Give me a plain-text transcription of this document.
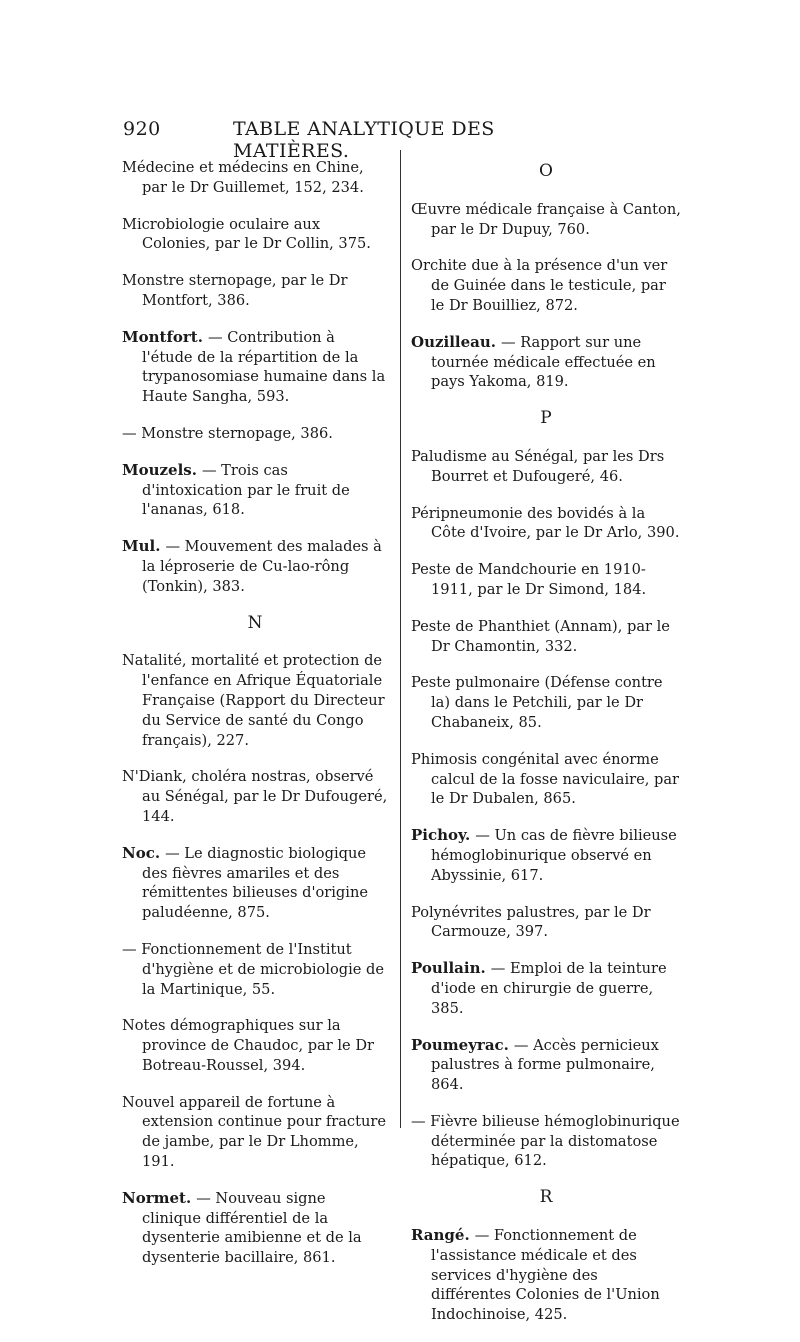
920	TABLE ANALYTIQUE DES MATIÈRES.

Médecine et médecins en Chine, par le Dr Guillemet, 152, 234.

Microbiologie oculaire aux Colonies, par le Dr Collin, 375.

Monstre sternopage, par le Dr Montfort, 386.

Montfort. — Contribution à l'étude de la répartition de la trypanosomiase humaine dans la Haute Sangha, 593.

— Monstre sternopage, 386.

Mouzels. — Trois cas d'intoxication par le fruit de l'ananas, 618.

Mul. — Mouvement des malades à la léproserie de Cu-lao-rông (Tonkin), 383.

N

Natalité, mortalité et protection de l'enfance en Afrique Équatoriale Française (Rapport du Directeur du Service de santé du Congo français), 227.

N'Diank, choléra nostras, observé au Sénégal, par le Dr Dufougeré, 144.

Noc. — Le diagnostic biologique des fièvres amariles et des rémittentes bilieuses d'origine paludéenne, 875.

— Fonctionnement de l'Institut d'hygiène et de microbiologie de la Martinique, 55.

Notes démographiques sur la province de Chaudoc, par le Dr Botreau-Roussel, 394.

Nouvel appareil de fortune à extension continue pour fracture de jambe, par le Dr Lhomme, 191.

Normet. — Nouveau signe clinique différentiel de la dysenterie amibienne et de la dysenterie bacillaire, 861.

O

Œuvre médicale française à Canton, par le Dr Dupuy, 760.

Orchite due à la présence d'un ver de Guinée dans le testicule, par le Dr Bouilliez, 872.

Ouzilleau. — Rapport sur une tournée médicale effectuée en pays Yakoma, 819.

P

Paludisme au Sénégal, par les Drs Bourret et Dufougeré, 46.

Péripneumonie des bovidés à la Côte d'Ivoire, par le Dr Arlo, 390.

Peste de Mandchourie en 1910-1911, par le Dr Simond, 184.

Peste de Phanthiet (Annam), par le Dr Chamontin, 332.

Peste pulmonaire (Défense contre la) dans le Petchili, par le Dr Chabaneix, 85.

Phimosis congénital avec énorme calcul de la fosse naviculaire, par le Dr Dubalen, 865.

Pichoy. — Un cas de fièvre bilieuse hémoglobinurique observé en Abyssinie, 617.

Polynévrites palustres, par le Dr Carmouze, 397.

Poullain. — Emploi de la teinture d'iode en chirurgie de guerre, 385.

Poumeyrac. — Accès pernicieux palustres à forme pulmonaire, 864.

— Fièvre bilieuse hémoglobinurique déterminée par la distomatose hépatique, 612.

R

Rangé. — Fonctionnement de l'assistance médicale et des services d'hygiène des différentes Colonies de l'Union Indochinoise, 425.
